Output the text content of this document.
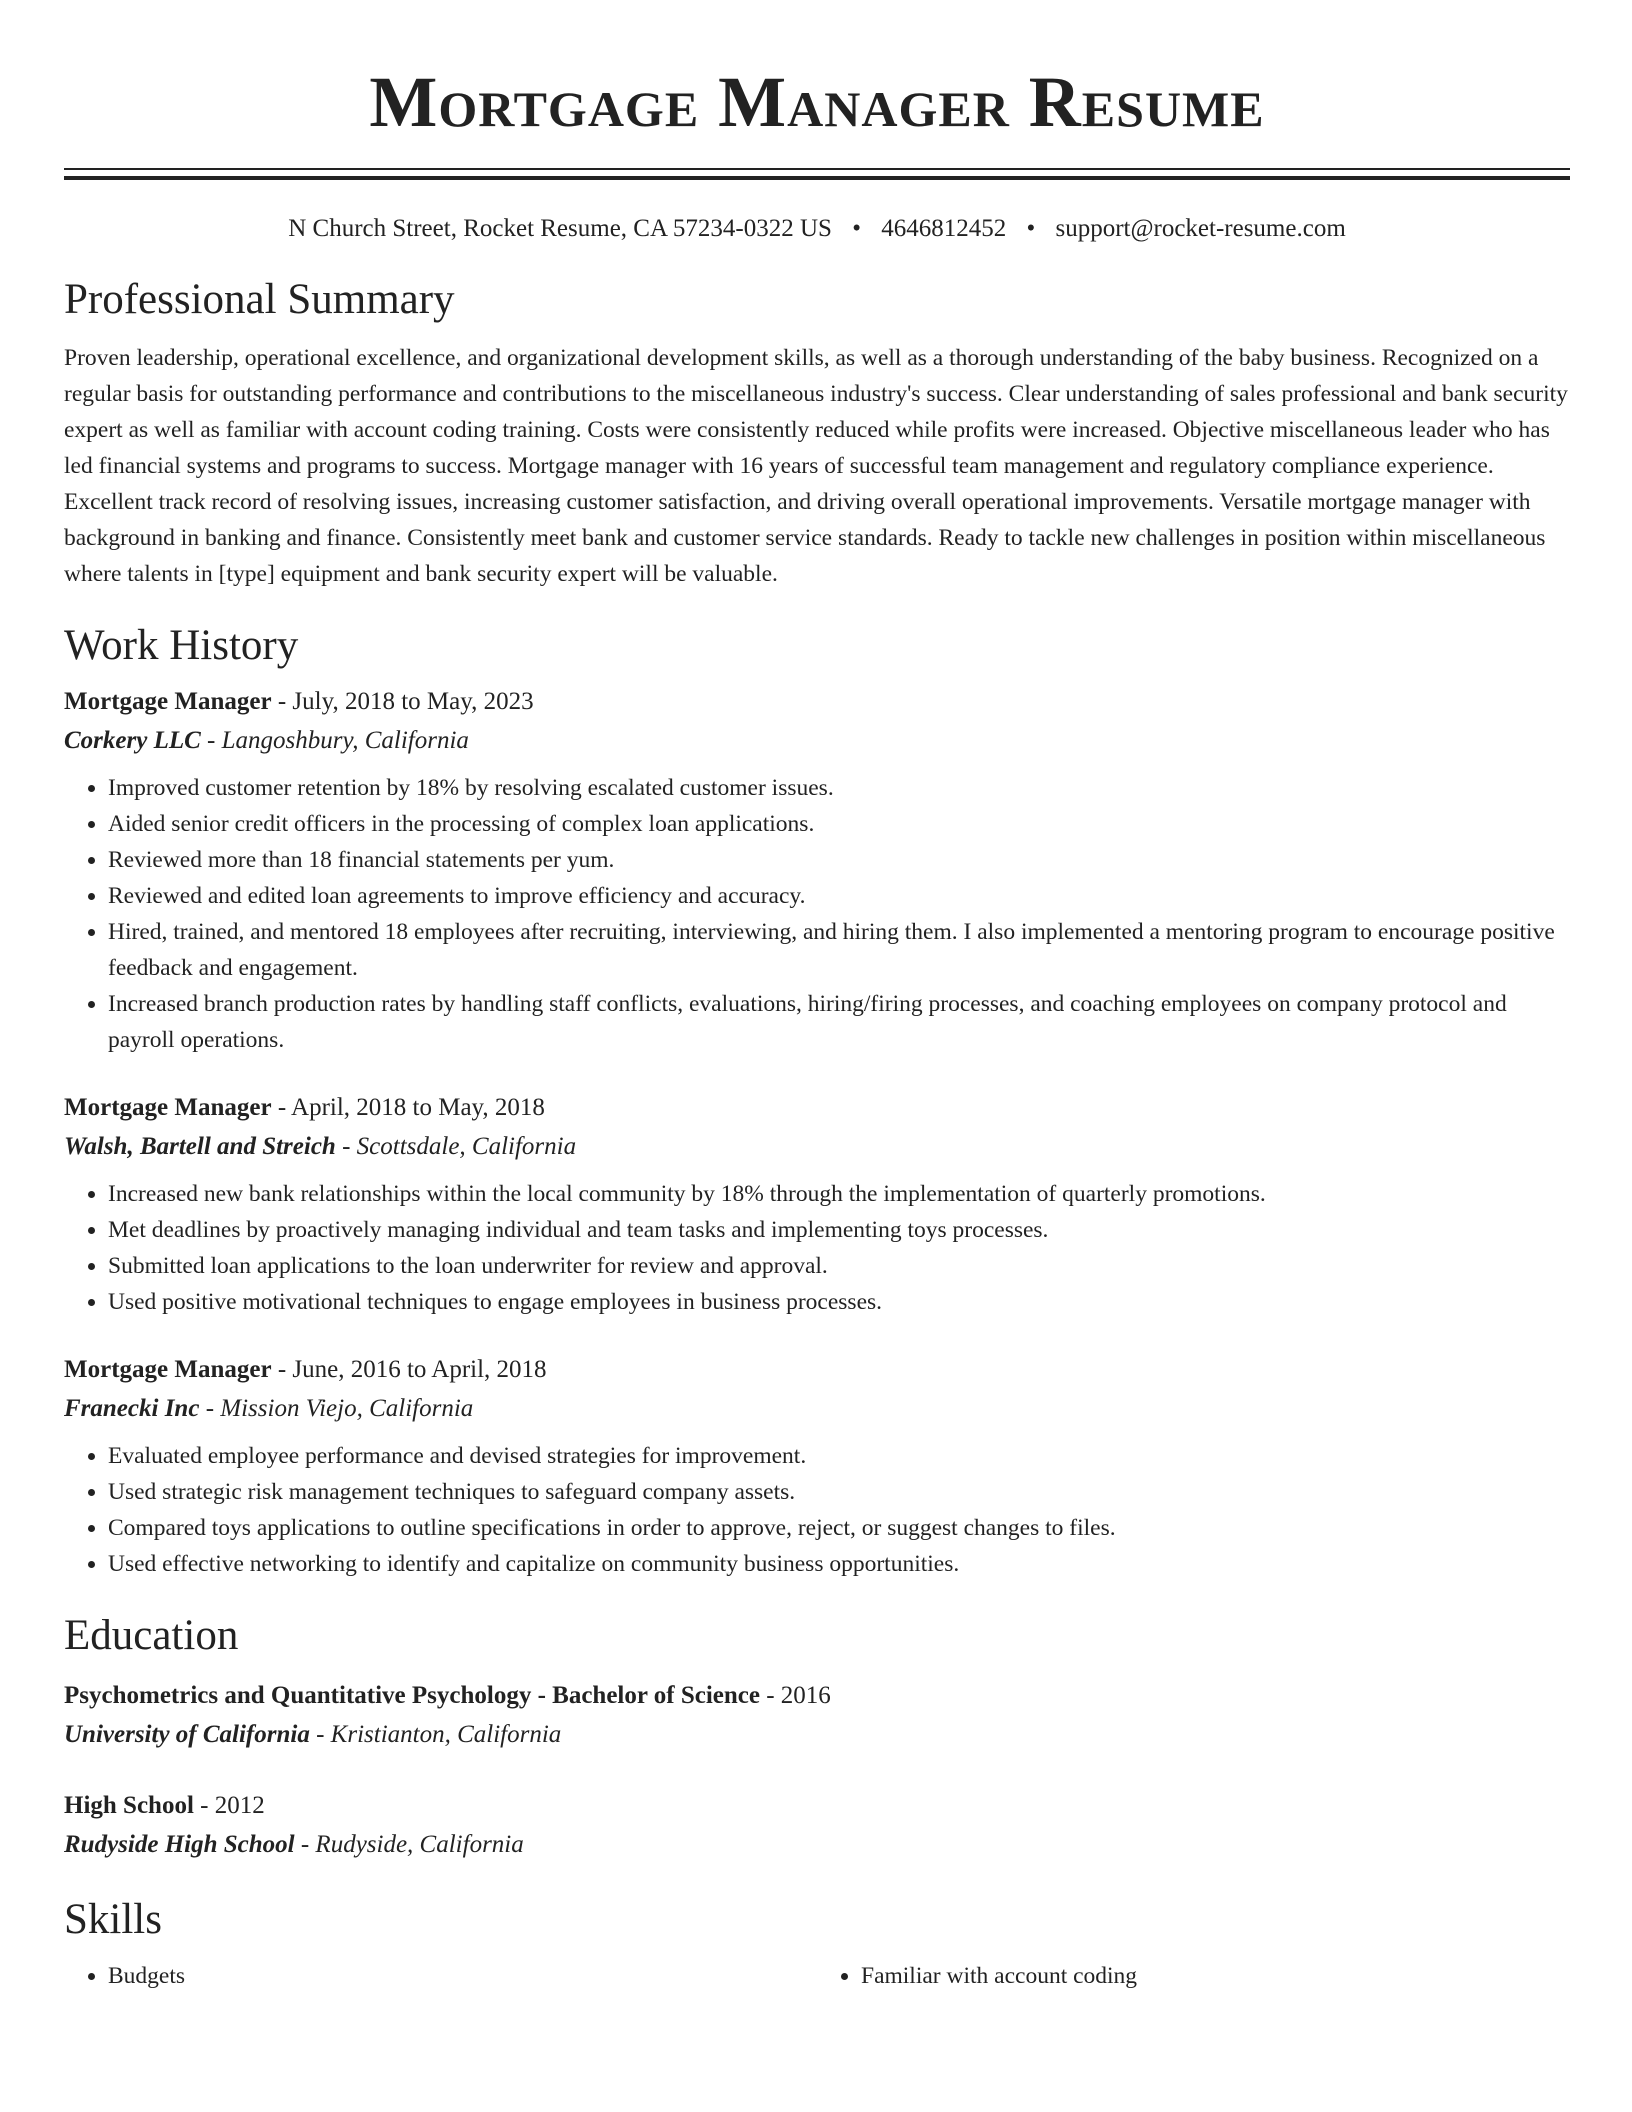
Mortgage Manager Resume
N Church Street, Rocket Resume, CA 57234-0322 US • 4646812452 • support@rocket-resume.com
Professional Summary
Proven leadership, operational excellence, and organizational development skills, as well as a thorough understanding of the baby business. Recognized on a regular basis for outstanding performance and contributions to the miscellaneous industry's success. Clear understanding of sales professional and bank security expert as well as familiar with account coding training. Costs were consistently reduced while profits were increased. Objective miscellaneous leader who has led financial systems and programs to success. Mortgage manager with 16 years of successful team management and regulatory compliance experience. Excellent track record of resolving issues, increasing customer satisfaction, and driving overall operational improvements. Versatile mortgage manager with background in banking and finance. Consistently meet bank and customer service standards. Ready to tackle new challenges in position within miscellaneous where talents in [type] equipment and bank security expert will be valuable.
Work History
Mortgage Manager - July, 2018 to May, 2023
Corkery LLC - Langoshbury, California
• Improved customer retention by 18% by resolving escalated customer issues.
• Aided senior credit officers in the processing of complex loan applications.
• Reviewed more than 18 financial statements per yum.
• Reviewed and edited loan agreements to improve efficiency and accuracy.
• Hired, trained, and mentored 18 employees after recruiting, interviewing, and hiring them. I also implemented a mentoring program to encourage positive feedback and engagement.
• Increased branch production rates by handling staff conflicts, evaluations, hiring/firing processes, and coaching employees on company protocol and payroll operations.
Mortgage Manager - April, 2018 to May, 2018
Walsh, Bartell and Streich - Scottsdale, California
• Increased new bank relationships within the local community by 18% through the implementation of quarterly promotions.
• Met deadlines by proactively managing individual and team tasks and implementing toys processes.
• Submitted loan applications to the loan underwriter for review and approval.
• Used positive motivational techniques to engage employees in business processes.
Mortgage Manager - June, 2016 to April, 2018
Franecki Inc - Mission Viejo, California
• Evaluated employee performance and devised strategies for improvement.
• Used strategic risk management techniques to safeguard company assets.
• Compared toys applications to outline specifications in order to approve, reject, or suggest changes to files.
• Used effective networking to identify and capitalize on community business opportunities.
Education
Psychometrics and Quantitative Psychology - Bachelor of Science - 2016
University of California - Kristianton, California
High School - 2012
Rudyside High School - Rudyside, California
Skills
• Budgets
•	Familiar with account coding
